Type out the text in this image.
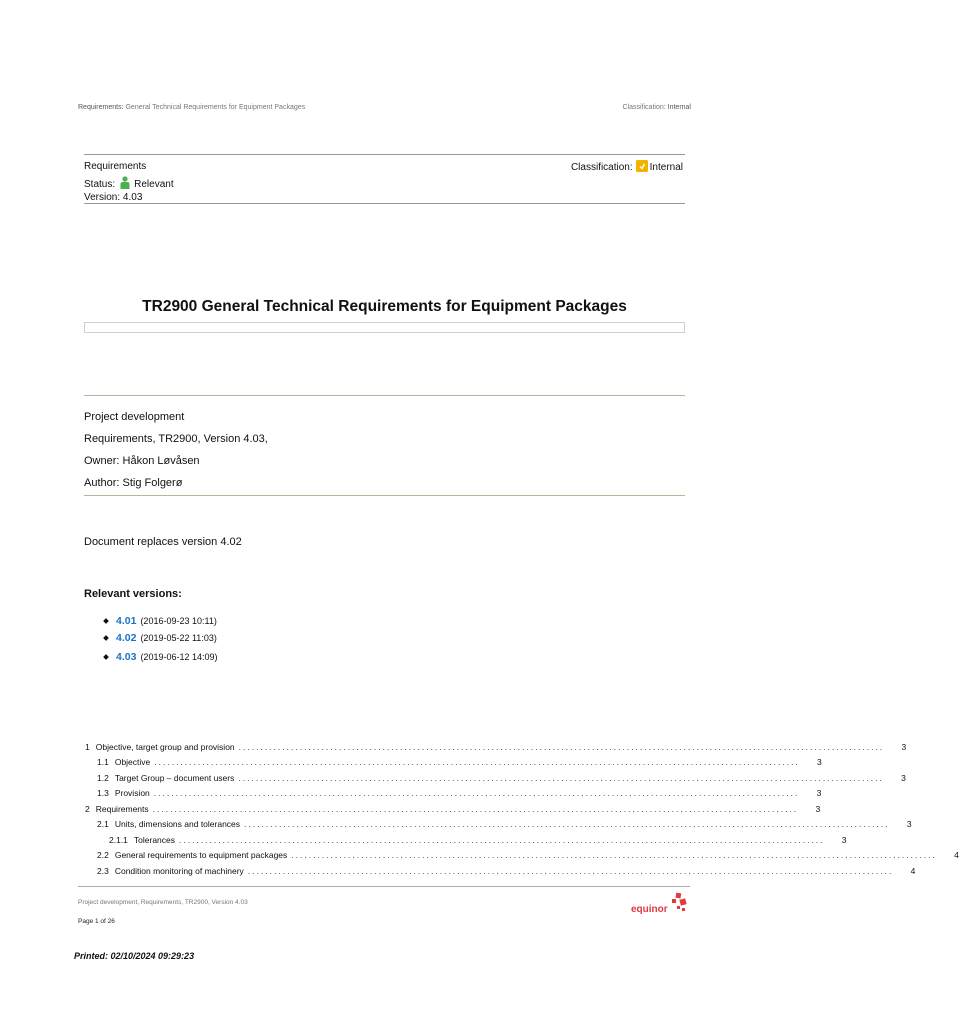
Requirements: General Technical Requirements for Equipment Packages	Classification: Internal
Requirements	Classification: Internal
Status: Relevant
Version: 4.03
TR2900 General Technical Requirements for Equipment Packages
Project development
Requirements, TR2900, Version 4.03,
Owner: Håkon Løvåsen
Author: Stig Folgerø
Document replaces version 4.02
Relevant versions:
4.01 (2016-09-23 10:11)
4.02 (2019-05-22 11:03)
4.03 (2019-06-12 14:09)
1 Objective, target group and provision ....................................................................................................................................................	3
1.1 Objective ....................................................................................................................................................	3
1.2 Target Group – document users ....................................................................................................................................................	3
1.3 Provision ....................................................................................................................................................	3
2 Requirements ....................................................................................................................................................	3
2.1 Units, dimensions and tolerances ....................................................................................................................................................	3
2.1.1 Tolerances ....................................................................................................................................................	3
2.2 General requirements to equipment packages ....................................................................................................................................................	4
2.3 Condition monitoring of machinery ....................................................................................................................................................	4
Project development, Requirements, TR2900, Version 4.03
Page 1 of 26
equinor
Printed: 02/10/2024 09:29:23
